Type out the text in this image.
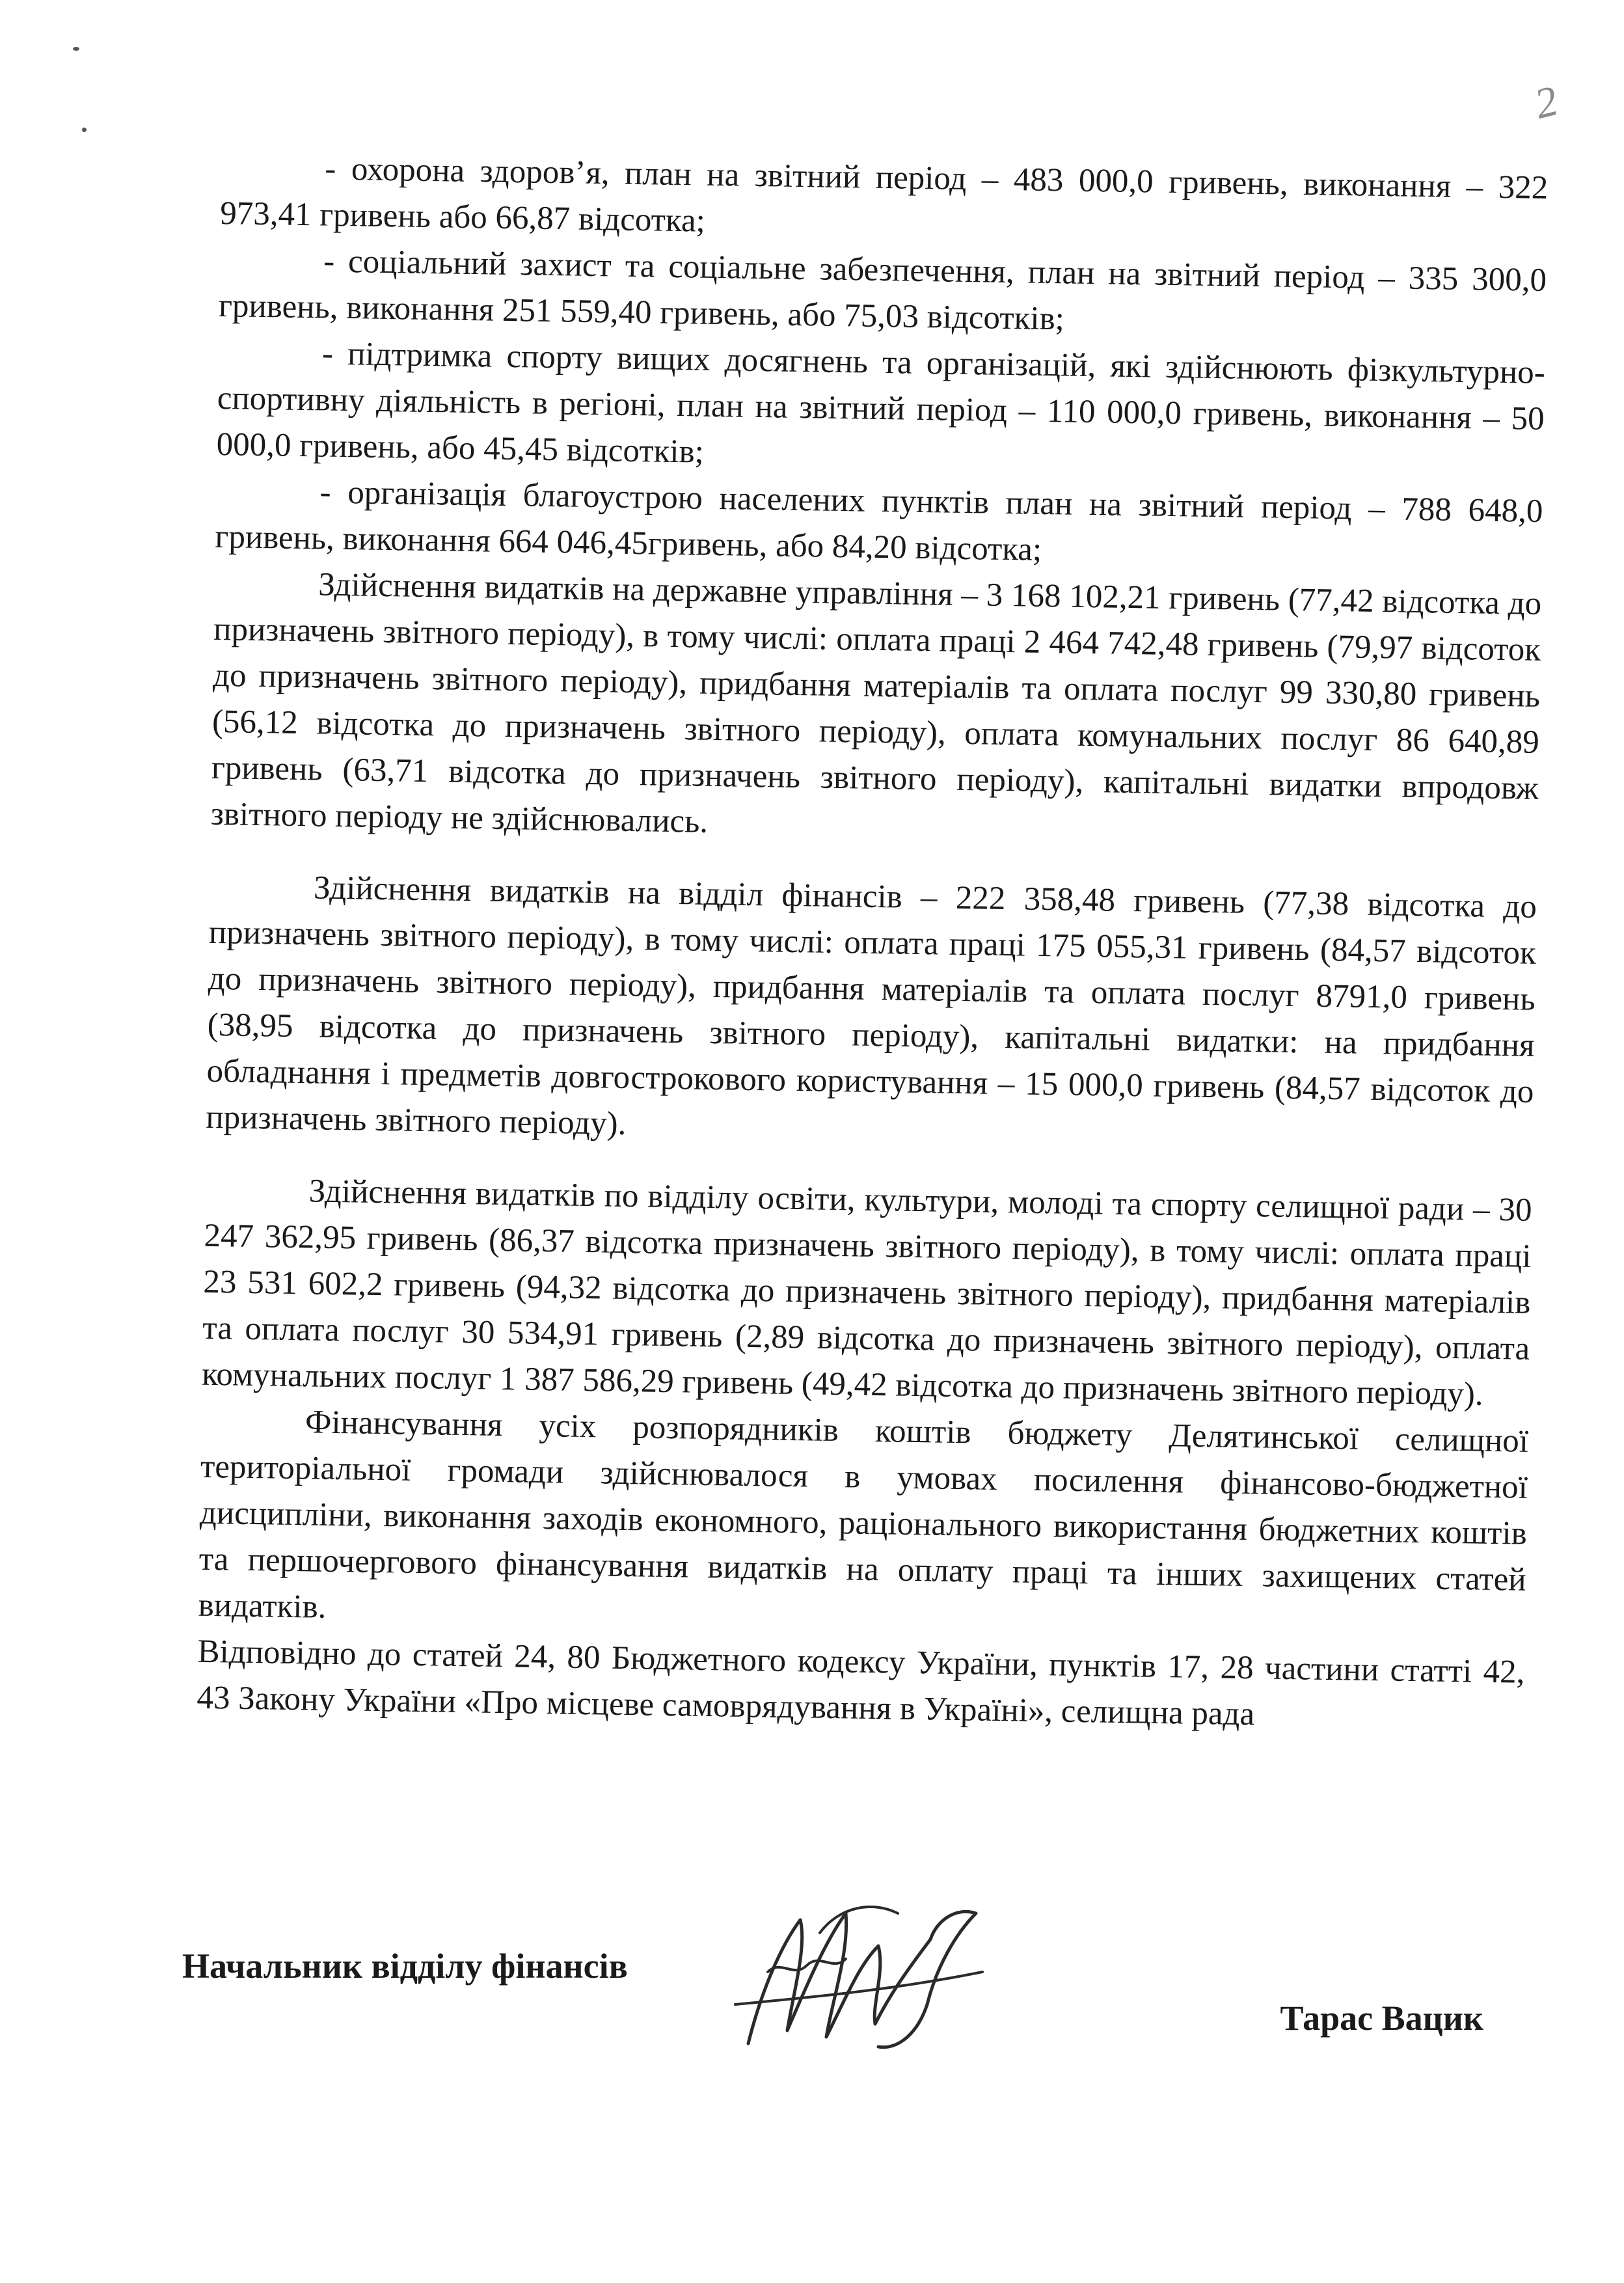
2

- охорона здоров’я, план на звітний період – 483 000,0 гривень, виконання – 322 973,41 гривень або 66,87 відсотка;

- соціальний захист та соціальне забезпечення, план на звітний період – 335 300,0 гривень, виконання 251 559,40 гривень, або 75,03 відсотків;

- підтримка спорту вищих досягнень та організацій, які здійснюють фізкультурно-спортивну діяльність в регіоні, план на звітний період – 110 000,0 гривень, виконання – 50 000,0 гривень, або 45,45 відсотків;

- організація благоустрою населених пунктів план на звітний період – 788 648,0 гривень, виконання 664 046,45гривень, або 84,20 відсотка;

Здійснення видатків на державне управління – 3 168 102,21 гривень (77,42 відсотка до призначень звітного періоду), в тому числі: оплата праці 2 464 742,48 гривень (79,97 відсоток до призначень звітного періоду), придбання матеріалів та оплата послуг 99 330,80 гривень (56,12 відсотка до призначень звітного періоду), оплата комунальних послуг 86 640,89 гривень (63,71 відсотка до призначень звітного періоду), капітальні видатки впродовж звітного періоду не здійснювались.

Здійснення видатків на відділ фінансів – 222 358,48 гривень (77,38 відсотка до призначень звітного періоду), в тому числі: оплата праці 175 055,31 гривень (84,57 відсоток до призначень звітного періоду), придбання матеріалів та оплата послуг 8791,0 гривень (38,95 відсотка до призначень звітного періоду), капітальні видатки: на придбання обладнання і предметів довгострокового користування – 15 000,0 гривень (84,57 відсоток до призначень звітного періоду).

Здійснення видатків по відділу освіти, культури, молоді та спорту селищної ради – 30 247 362,95 гривень (86,37 відсотка призначень звітного періоду), в тому числі: оплата праці 23 531 602,2 гривень (94,32 відсотка до призначень звітного періоду), придбання матеріалів та оплата послуг 30 534,91 гривень (2,89 відсотка до призначень звітного періоду), оплата комунальних послуг 1 387 586,29 гривень (49,42 відсотка до призначень звітного періоду).

Фінансування усіх розпорядників коштів бюджету Делятинської селищної територіальної громади здійснювалося в умовах посилення фінансово-бюджетної дисципліни, виконання заходів економного, раціонального використання бюджетних коштів та першочергового фінансування видатків на оплату праці та інших захищених статей видатків.

Відповідно до статей 24, 80 Бюджетного кодексу України, пунктів 17, 28 частини статті 42, 43 Закону України «Про місцеве самоврядування в Україні», селищна рада

Начальник відділу фінансів
Тарас Вацик
